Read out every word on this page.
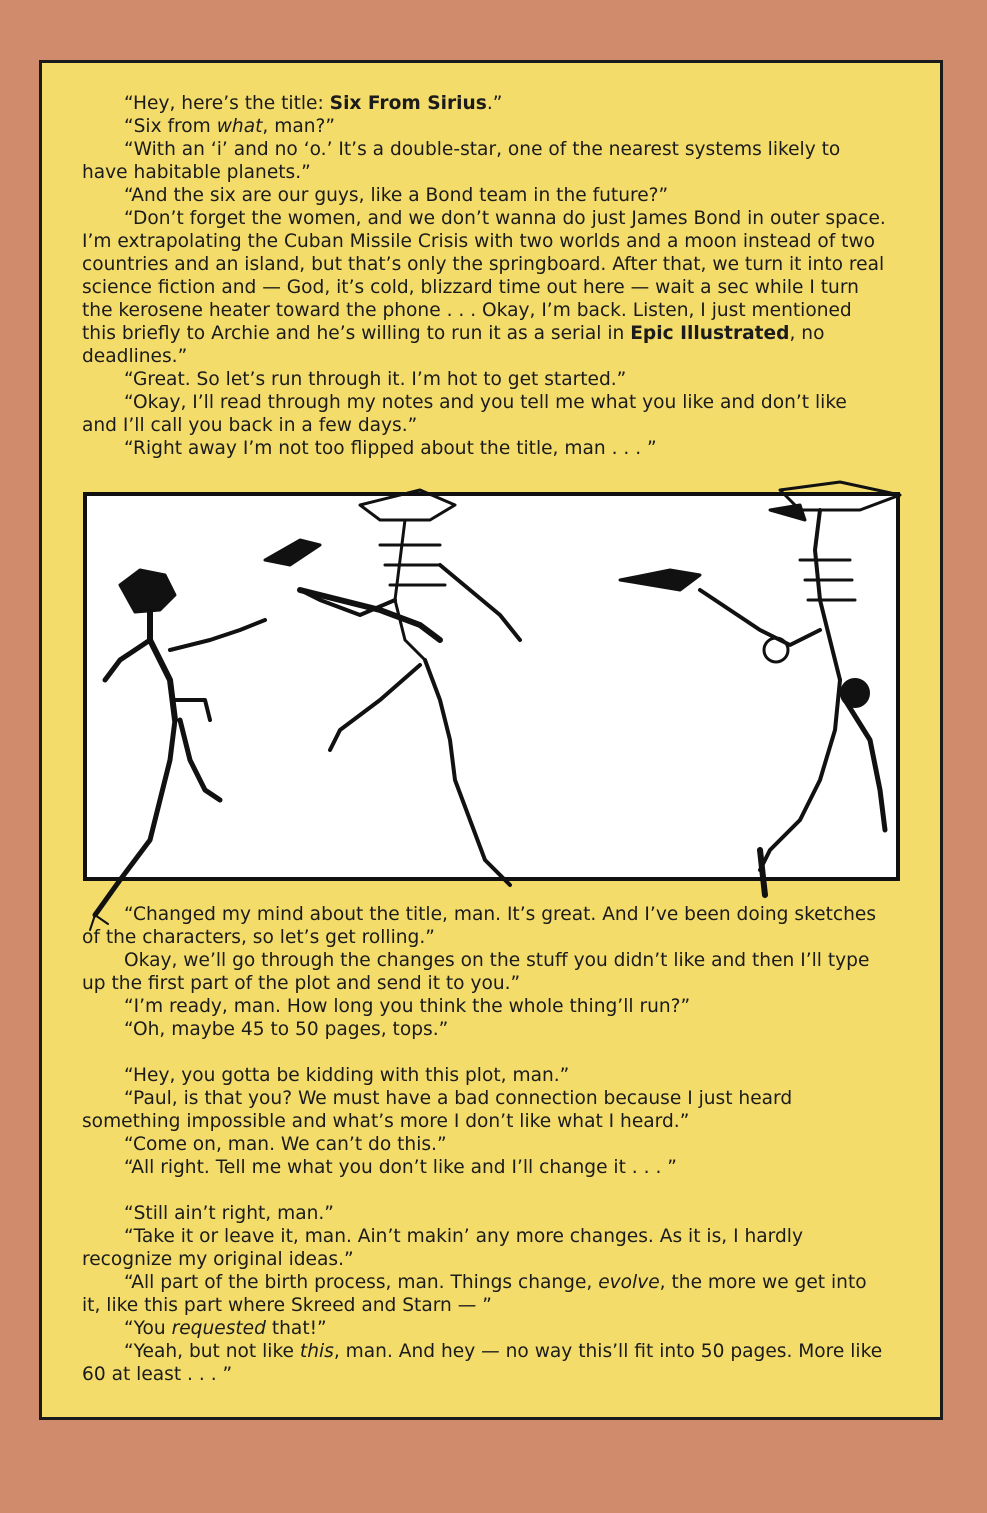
“Hey, here’s the title: Six From Sirius.”

“Six from what, man?”

“With an ‘i’ and no ‘o.’ It’s a double-star, one of the nearest systems likely to have habitable planets.”

“And the six are our guys, like a Bond team in the future?”

“Don’t forget the women, and we don’t wanna do just James Bond in outer space. I’m extrapolating the Cuban Missile Crisis with two worlds and a moon instead of two countries and an island, but that’s only the springboard. After that, we turn it into real science fiction and — God, it’s cold, blizzard time out here — wait a sec while I turn the kerosene heater toward the phone . . . Okay, I’m back. Listen, I just mentioned this briefly to Archie and he’s willing to run it as a serial in Epic Illustrated, no deadlines.”

“Great. So let’s run through it. I’m hot to get started.”

“Okay, I’ll read through my notes and you tell me what you like and don’t like and I’ll call you back in a few days.”

“Right away I’m not too flipped about the title, man . . . ”

“Changed my mind about the title, man. It’s great. And I’ve been doing sketches of the characters, so let’s get rolling.”

Okay, we’ll go through the changes on the stuff you didn’t like and then I’ll type up the first part of the plot and send it to you.”

“I’m ready, man. How long you think the whole thing’ll run?”

“Oh, maybe 45 to 50 pages, tops.”

“Hey, you gotta be kidding with this plot, man.”

“Paul, is that you? We must have a bad connection because I just heard something impossible and what’s more I don’t like what I heard.”

“Come on, man. We can’t do this.”

“All right. Tell me what you don’t like and I’ll change it . . . ”

“Still ain’t right, man.”

“Take it or leave it, man. Ain’t makin’ any more changes. As it is, I hardly recognize my original ideas.”

“All part of the birth process, man. Things change, evolve, the more we get into it, like this part where Skreed and Starn — ”

“You requested that!”

“Yeah, but not like this, man. And hey — no way this’ll fit into 50 pages. More like 60 at least . . . ”
